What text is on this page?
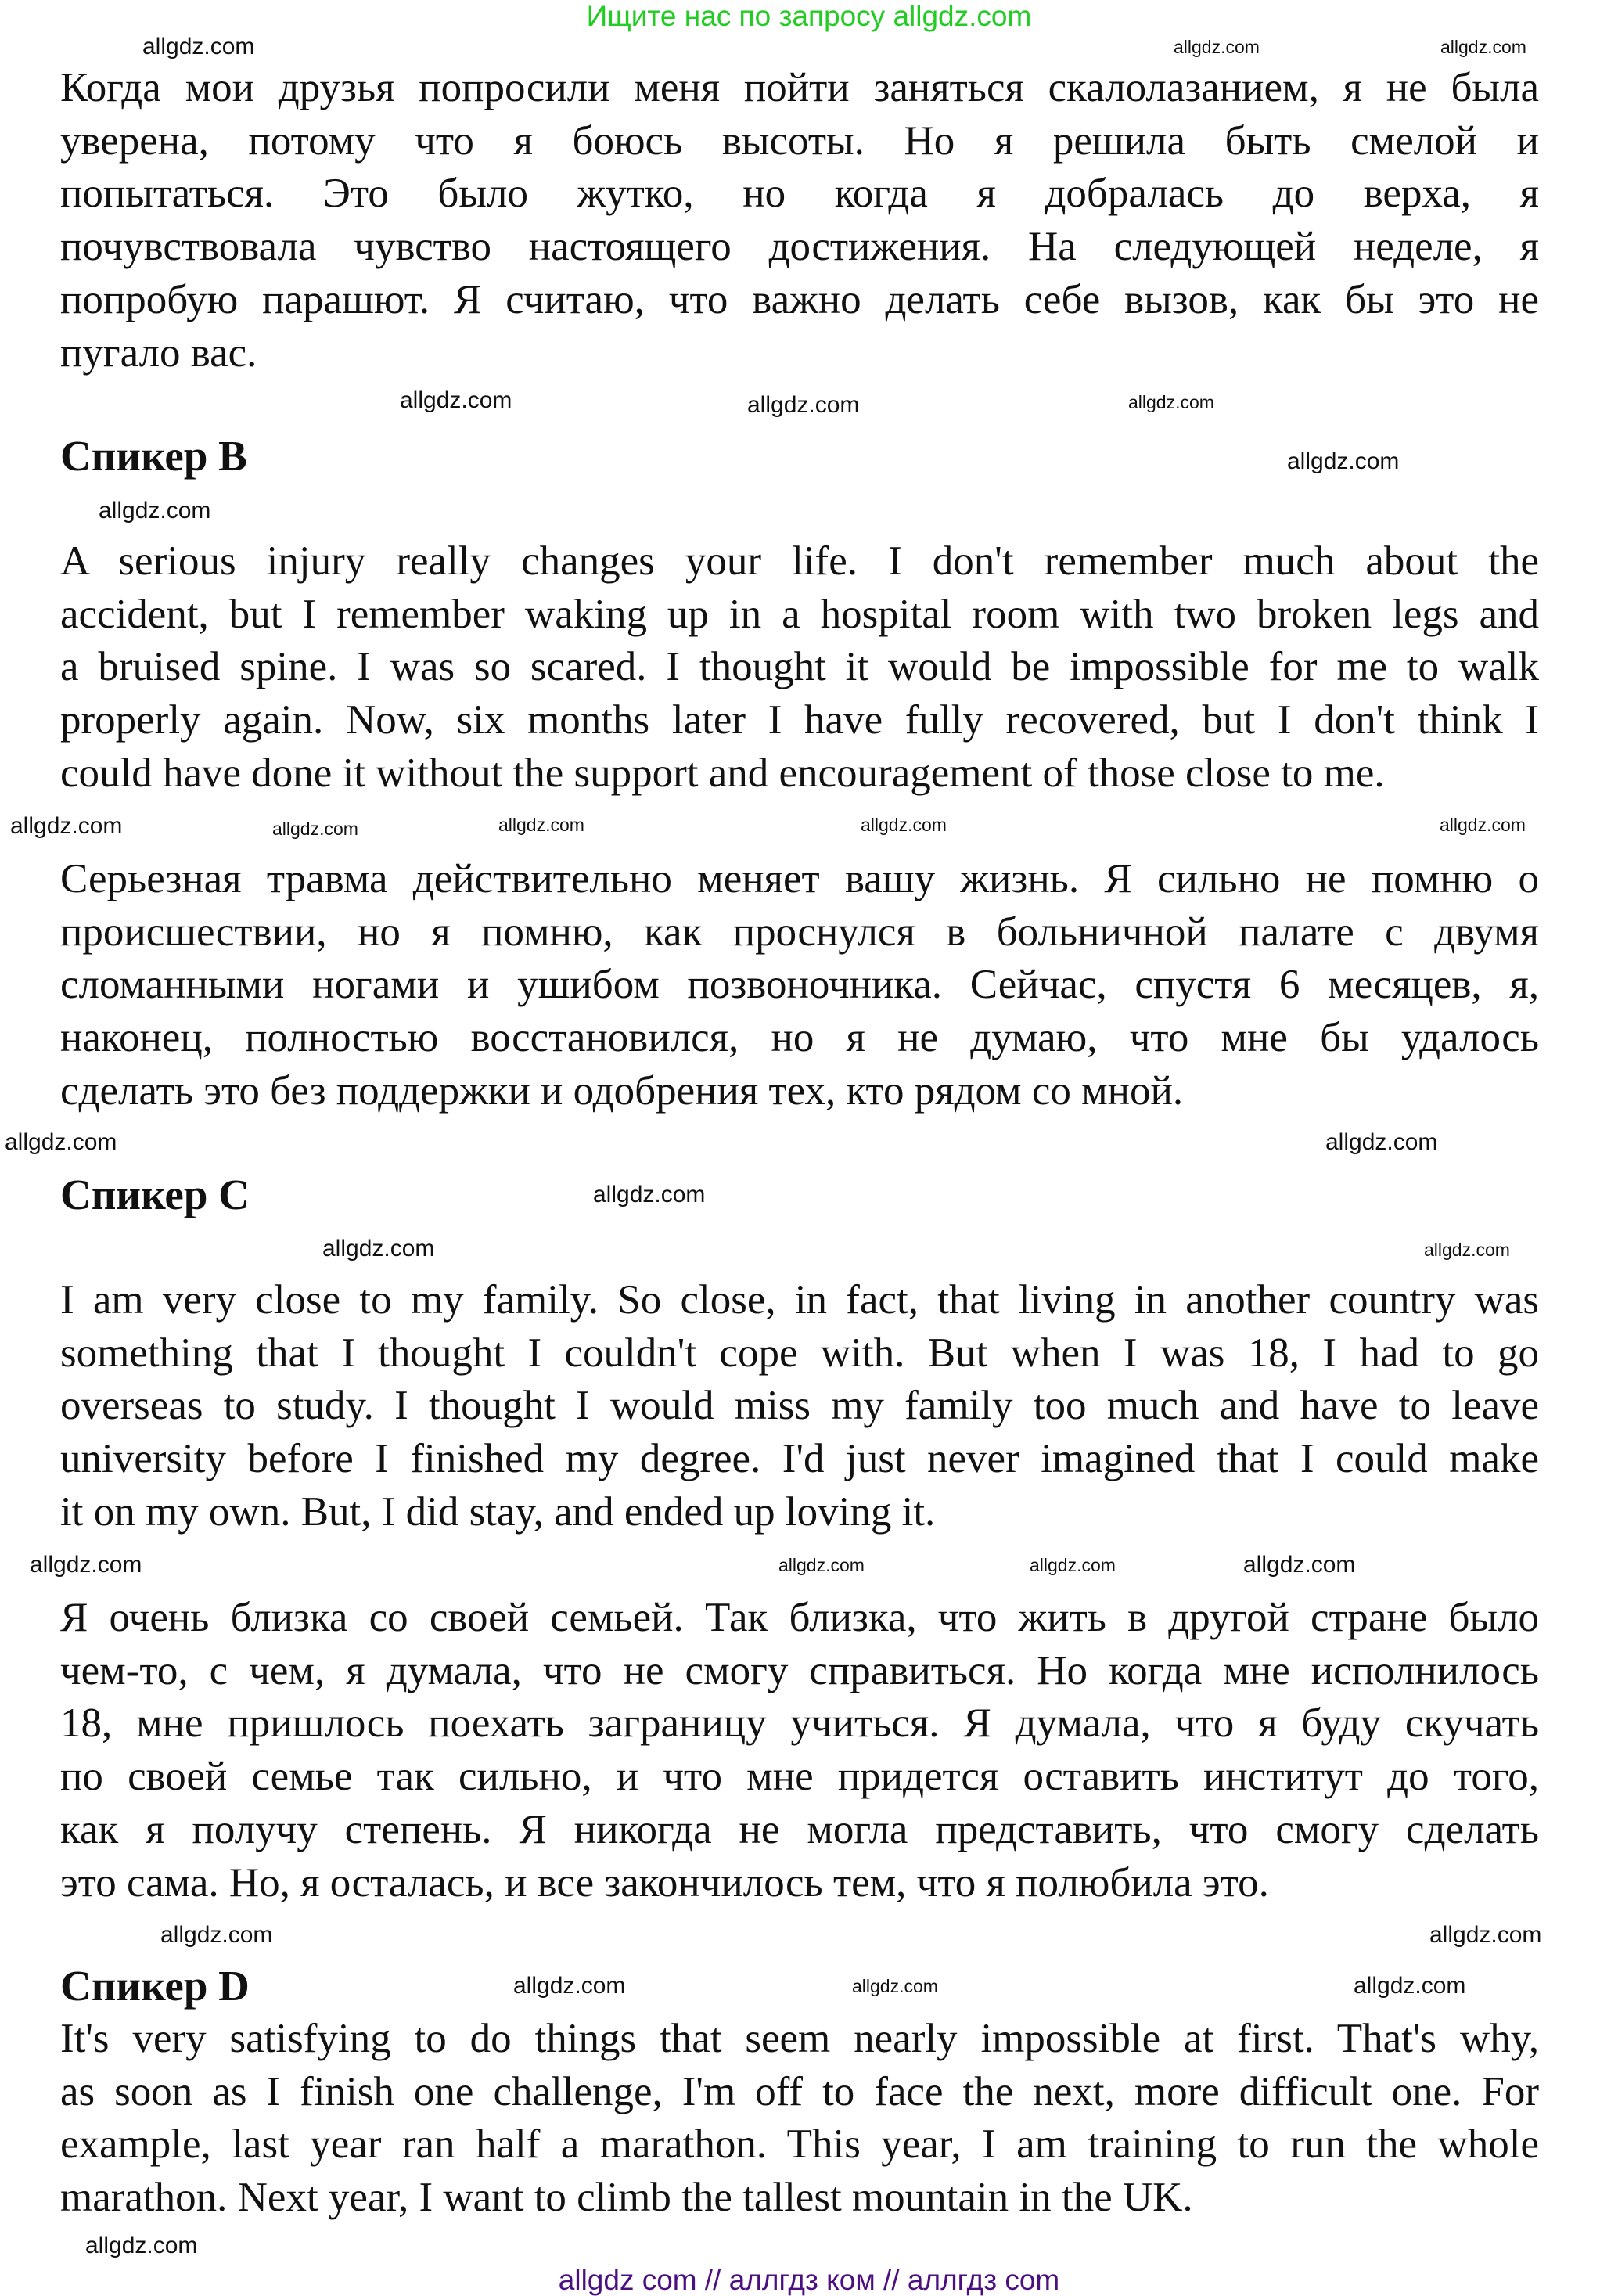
Ищите нас по запросу allgdz.com
Когда мои друзья попросили меня пойти заняться скалолазанием, я не была
уверена, потому что я боюсь высоты. Но я решила быть смелой и
попытаться. Это было жутко, но когда я добралась до верха, я
почувствовала чувство настоящего достижения. На следующей неделе, я
попробую парашют. Я считаю, что важно делать себе вызов, как бы это не
пугало вас.
Спикер B
A serious injury really changes your life. I don't remember much about the
accident, but I remember waking up in a hospital room with two broken legs and
a bruised spine. I was so scared. I thought it would be impossible for me to walk
properly again. Now, six months later I have fully recovered, but I don't think I
could have done it without the support and encouragement of those close to me.
Серьезная травма действительно меняет вашу жизнь. Я сильно не помню о
происшествии, но я помню, как проснулся в больничной палате с двумя
сломанными ногами и ушибом позвоночника. Сейчас, спустя 6 месяцев, я,
наконец, полностью восстановился, но я не думаю, что мне бы удалось
сделать это без поддержки и одобрения тех, кто рядом со мной.
Спикер C
I am very close to my family. So close, in fact, that living in another country was
something that I thought I couldn't cope with. But when I was 18, I had to go
overseas to study. I thought I would miss my family too much and have to leave
university before I finished my degree. I'd just never imagined that I could make
it on my own. But, I did stay, and ended up loving it.
Я очень близка со своей семьей. Так близка, что жить в другой стране было
чем-то, с чем, я думала, что не смогу справиться. Но когда мне исполнилось
18, мне пришлось поехать заграницу учиться. Я думала, что я буду скучать
по своей семье так сильно, и что мне придется оставить институт до того,
как я получу степень. Я никогда не могла представить, что смогу сделать
это сама. Но, я осталась, и все закончилось тем, что я полюбила это.
Спикер D
It's very satisfying to do things that seem nearly impossible at first. That's why,
as soon as I finish one challenge, I'm off to face the next, more difficult one. For
example, last year ran half a marathon. This year, I am training to run the whole
marathon. Next year, I want to climb the tallest mountain in the UK.
allgdz.com	allgdz.com	allgdz.com
allgdz.com
allgdz.com	allgdz.com
allgdz.com
allgdz.com
allgdz.com	allgdz.com
allgdz.com	allgdz.com	allgdz.com
allgdz.com
allgdz.com
allgdz.com
allgdz.com	allgdz.com
allgdz.com
allgdz.com	allgdz.com	allgdz.com
allgdz.com
allgdz.com
allgdz.com	allgdz.com	allgdz.com
allgdz.com
allgdz com // аллгдз ком // аллгдз com
